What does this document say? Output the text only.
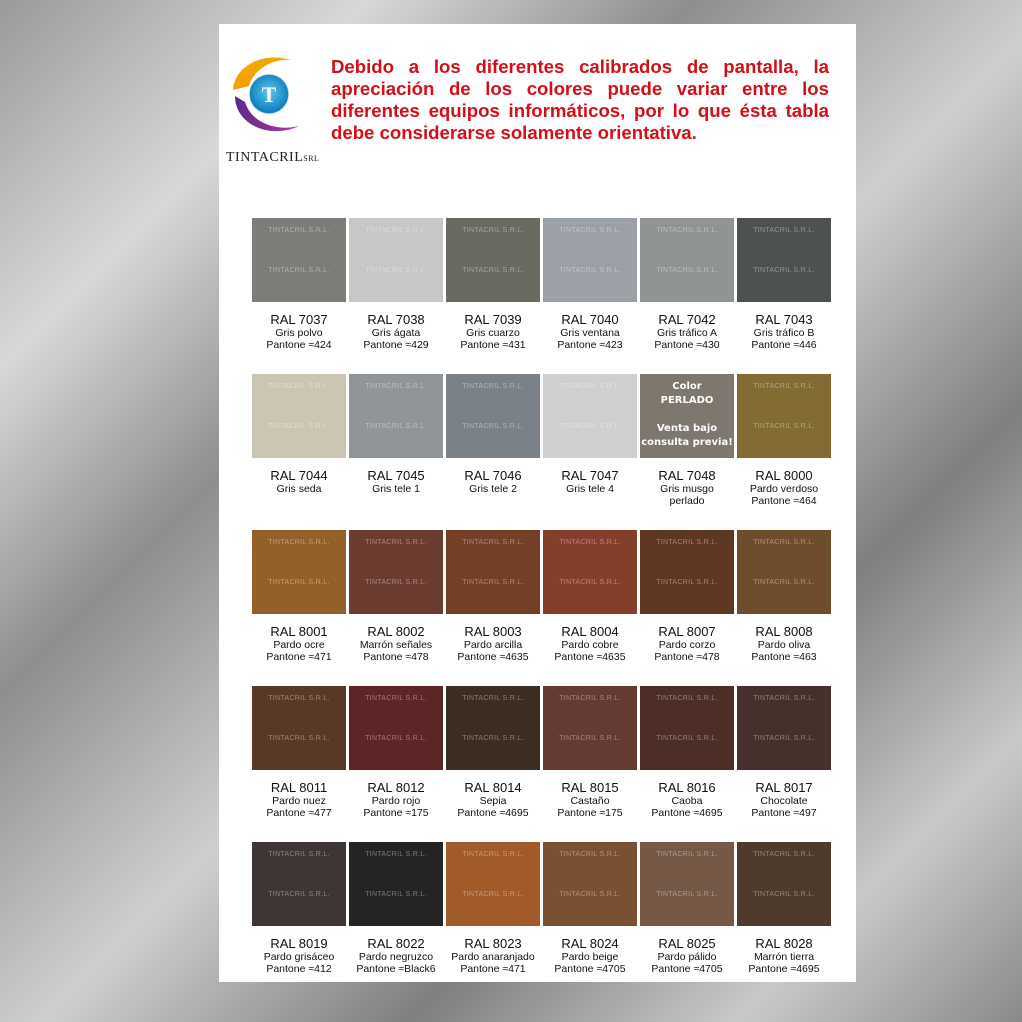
T
TINTACRILSRL
Debido a los diferentes calibrados de pantalla, la apreciación de los colores puede variar entre los diferentes equipos informáticos, por lo que ésta tabla debe considerarse solamente orientativa.
TINTACRIL S.R.L.
TINTACRIL S.R.L.
RAL 7037
Gris polvo
Pantone ≈424
TINTACRIL S.R.L.
TINTACRIL S.R.L.
RAL 7038
Gris ágata
Pantone ≈429
TINTACRIL S.R.L.
TINTACRIL S.R.L.
RAL 7039
Gris cuarzo
Pantone ≈431
TINTACRIL S.R.L.
TINTACRIL S.R.L.
RAL 7040
Gris ventana
Pantone ≈423
TINTACRIL S.R.L.
TINTACRIL S.R.L.
RAL 7042
Gris tráfico A
Pantone ≈430
TINTACRIL S.R.L.
TINTACRIL S.R.L.
RAL 7043
Gris tráfico B
Pantone ≈446
TINTACRIL S.R.L.
TINTACRIL S.R.L.
RAL 7044
Gris seda
TINTACRIL S.R.L.
TINTACRIL S.R.L.
RAL 7045
Gris tele 1
TINTACRIL S.R.L.
TINTACRIL S.R.L.
RAL 7046
Gris tele 2
TINTACRIL S.R.L.
TINTACRIL S.R.L.
RAL 7047
Gris tele 4
Color
PERLADO
Venta bajo
consulta previa!
RAL 7048
Gris musgo
perlado
TINTACRIL S.R.L.
TINTACRIL S.R.L.
RAL 8000
Pardo verdoso
Pantone ≈464
TINTACRIL S.R.L.
TINTACRIL S.R.L.
RAL 8001
Pardo ocre
Pantone ≈471
TINTACRIL S.R.L.
TINTACRIL S.R.L.
RAL 8002
Marrón señales
Pantone ≈478
TINTACRIL S.R.L.
TINTACRIL S.R.L.
RAL 8003
Pardo arcilla
Pantone ≈4635
TINTACRIL S.R.L.
TINTACRIL S.R.L.
RAL 8004
Pardo cobre
Pantone ≈4635
TINTACRIL S.R.L.
TINTACRIL S.R.L.
RAL 8007
Pardo corzo
Pantone ≈478
TINTACRIL S.R.L.
TINTACRIL S.R.L.
RAL 8008
Pardo oliva
Pantone ≈463
TINTACRIL S.R.L.
TINTACRIL S.R.L.
RAL 8011
Pardo nuez
Pantone ≈477
TINTACRIL S.R.L.
TINTACRIL S.R.L.
RAL 8012
Pardo rojo
Pantone ≈175
TINTACRIL S.R.L.
TINTACRIL S.R.L.
RAL 8014
Sepia
Pantone ≈4695
TINTACRIL S.R.L.
TINTACRIL S.R.L.
RAL 8015
Castaño
Pantone ≈175
TINTACRIL S.R.L.
TINTACRIL S.R.L.
RAL 8016
Caoba
Pantone ≈4695
TINTACRIL S.R.L.
TINTACRIL S.R.L.
RAL 8017
Chocolate
Pantone ≈497
TINTACRIL S.R.L.
TINTACRIL S.R.L.
RAL 8019
Pardo grisáceo
Pantone ≈412
TINTACRIL S.R.L.
TINTACRIL S.R.L.
RAL 8022
Pardo negruzco
Pantone ≈Black6
TINTACRIL S.R.L.
TINTACRIL S.R.L.
RAL 8023
Pardo anaranjado
Pantone ≈471
TINTACRIL S.R.L.
TINTACRIL S.R.L.
RAL 8024
Pardo beige
Pantone ≈4705
TINTACRIL S.R.L.
TINTACRIL S.R.L.
RAL 8025
Pardo pálido
Pantone ≈4705
TINTACRIL S.R.L.
TINTACRIL S.R.L.
RAL 8028
Marrón tierra
Pantone ≈4695
